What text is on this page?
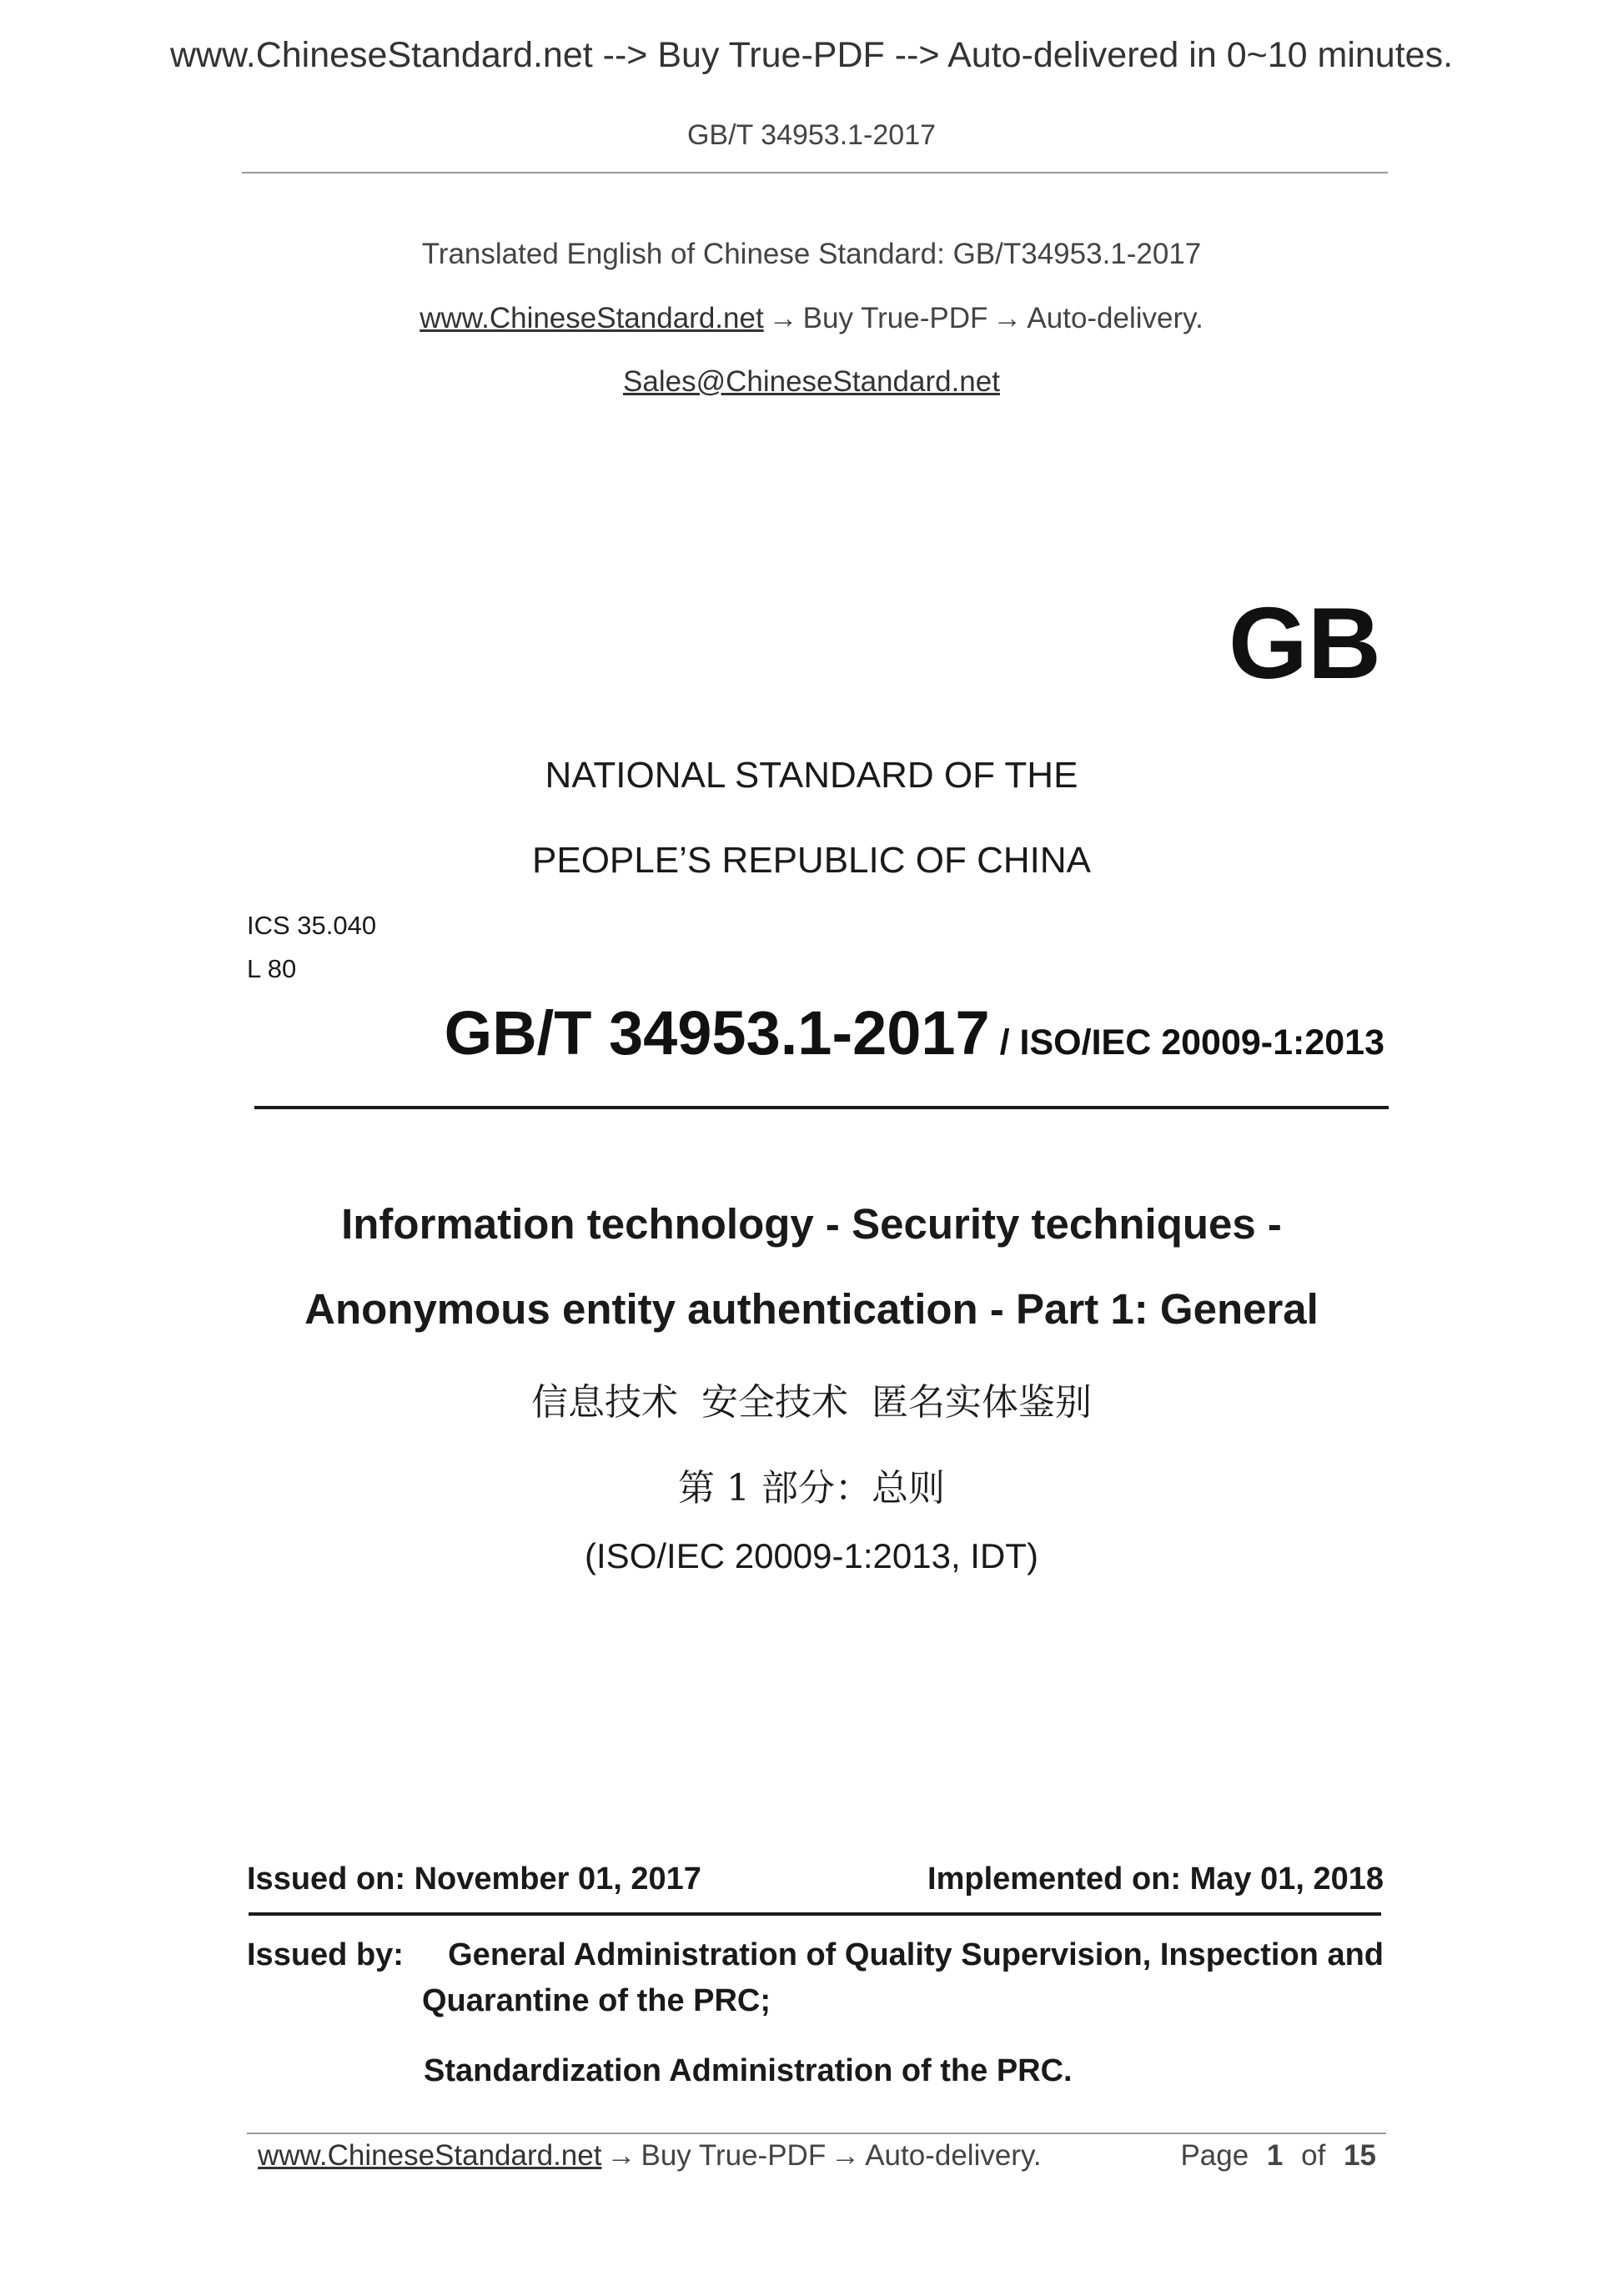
www.ChineseStandard.net --> Buy True-PDF --> Auto-delivered in 0~10 minutes.
GB/T 34953.1-2017
Translated English of Chinese Standard: GB/T34953.1-2017
www.ChineseStandard.net → Buy True-PDF → Auto-delivery.
Sales@ChineseStandard.net
GB
NATIONAL STANDARD OF THE
PEOPLE’S REPUBLIC OF CHINA
ICS 35.040
L 80
GB/T 34953.1-2017 / ISO/IEC 20009-1:2013
Information technology - Security techniques -
Anonymous entity authentication - Part 1: General
信息技术  安全技术  匿名实体鉴别
第 1 部分：总则
(ISO/IEC 20009-1:2013, IDT)
Issued on: November 01, 2017	Implemented on: May 01, 2018
Issued by: General Administration of Quality Supervision, Inspection and
Quarantine of the PRC;
Standardization Administration of the PRC.
www.ChineseStandard.net → Buy True-PDF → Auto-delivery.	Page 1 of 15
